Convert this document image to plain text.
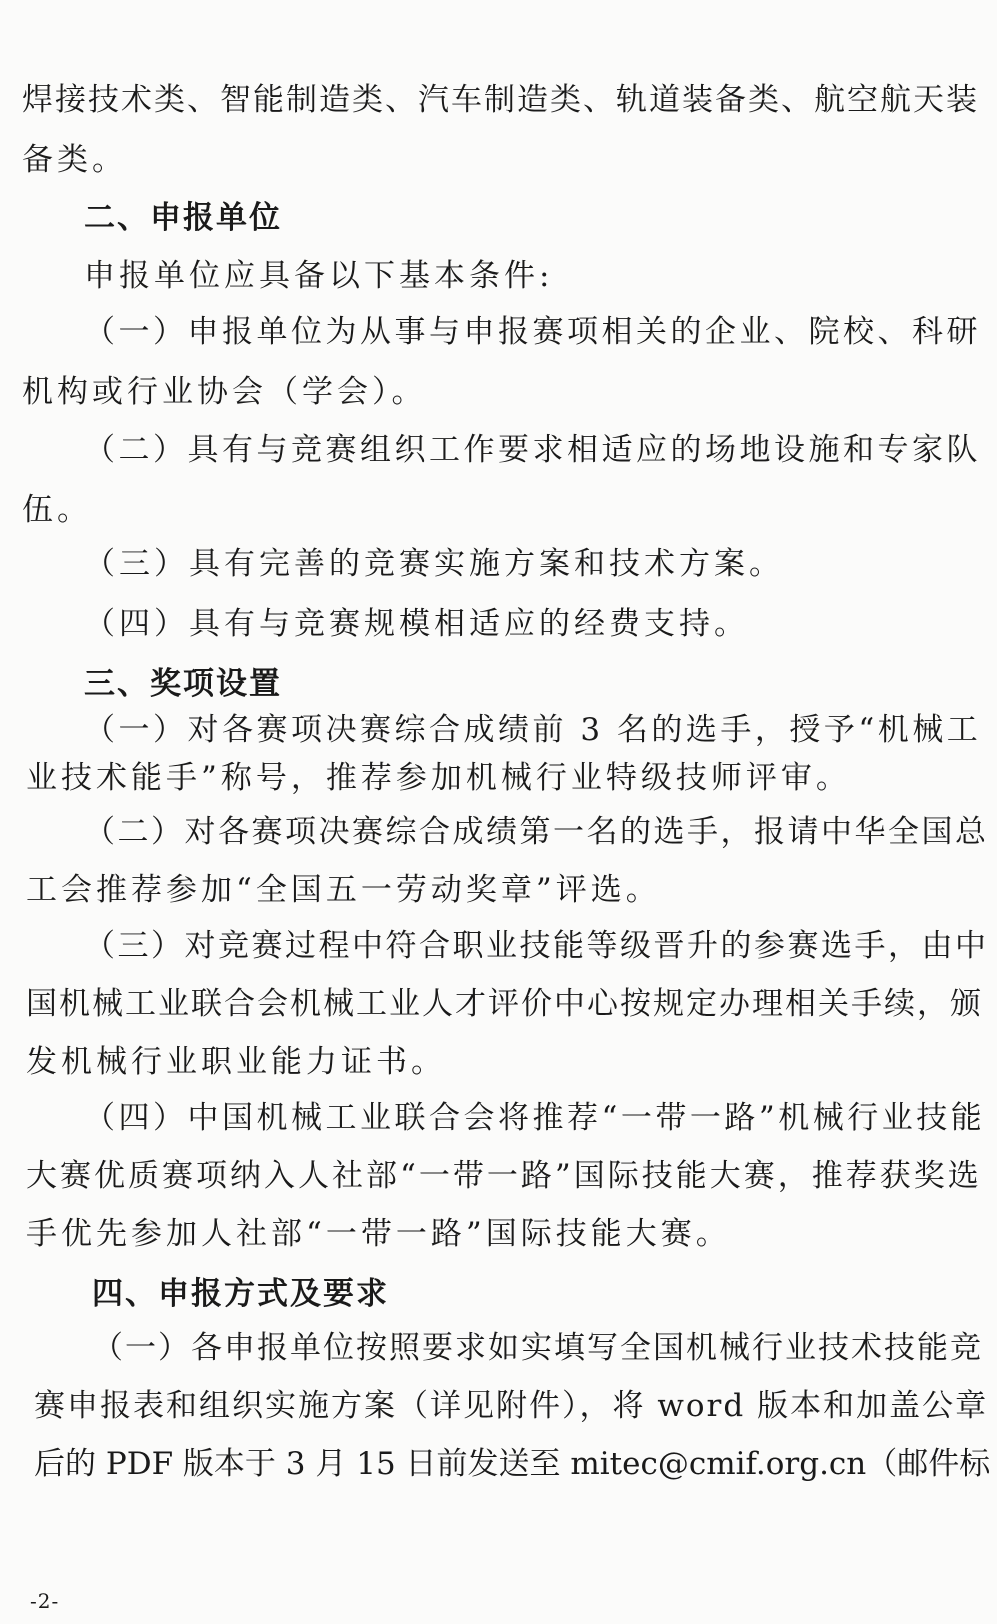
焊接技术类、智能制造类、汽车制造类、轨道装备类、航空航天装
备类。
二、申报单位
申报单位应具备以下基本条件:
（一）申报单位为从事与申报赛项相关的企业、院校、科研
机构或行业协会（学会）。
（二）具有与竞赛组织工作要求相适应的场地设施和专家队
伍。
（三）具有完善的竞赛实施方案和技术方案。
（四）具有与竞赛规模相适应的经费支持。
三、奖项设置
（一）对各赛项决赛综合成绩前 3 名的选手，授予“机械工
业技术能手”称号，推荐参加机械行业特级技师评审。
（二）对各赛项决赛综合成绩第一名的选手，报请中华全国总
工会推荐参加“全国五一劳动奖章”评选。
（三）对竞赛过程中符合职业技能等级晋升的参赛选手，由中
国机械工业联合会机械工业人才评价中心按规定办理相关手续，颁
发机械行业职业能力证书。
（四）中国机械工业联合会将推荐“一带一路”机械行业技能
大赛优质赛项纳入人社部“一带一路”国际技能大赛，推荐获奖选
手优先参加人社部“一带一路”国际技能大赛。
四、申报方式及要求
（一）各申报单位按照要求如实填写全国机械行业技术技能竞
赛申报表和组织实施方案（详见附件），将 word 版本和加盖公章
后的 PDF 版本于 3 月 15 日前发送至 mitec@cmif.org.cn（邮件标
-2-
